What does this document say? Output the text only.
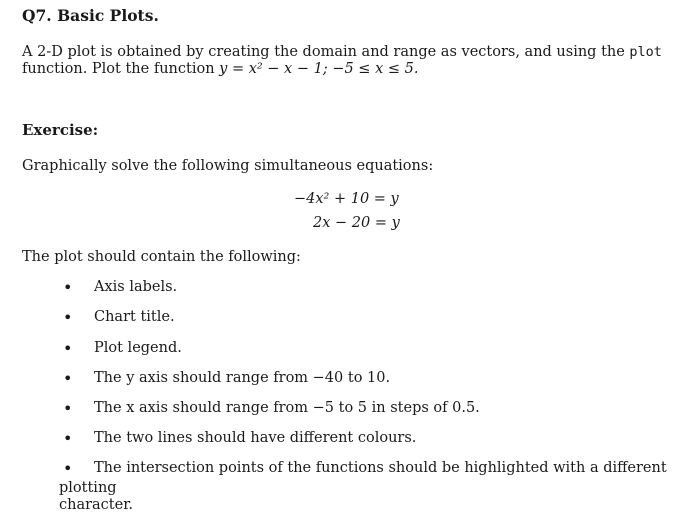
Q7. Basic Plots.
A 2-D plot is obtained by creating the domain and range as vectors, and using the plot
function. Plot the function y = x² − x − 1; −5 ≤ x ≤ 5.
Exercise:
Graphically solve the following simultaneous equations:
−4x² + 10 = y
2x − 20 = y
The plot should contain the following:
• Axis labels.
• Chart title.
• Plot legend.
• The y axis should range from −40 to 10.
• The x axis should range from −5 to 5 in steps of 0.5.
• The two lines should have different colours.
• The intersection points of the functions should be highlighted with a different
plotting character.
